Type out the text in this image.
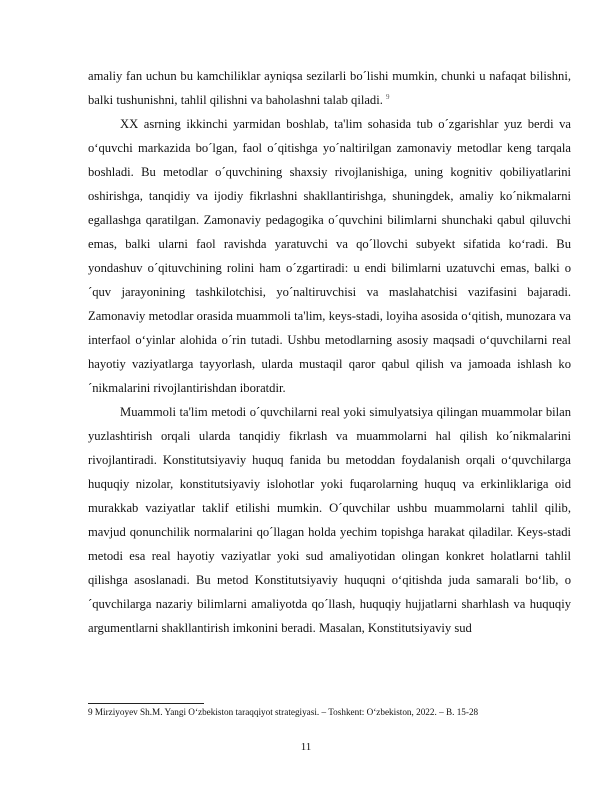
amaliy fan uchun bu kamchiliklar ayniqsa sezilarli bo´lishi mumkin, chunki u nafaqat bilishni, balki tushunishni, tahlil qilishni va baholashni talab qiladi. $^9$

XX asrning ikkinchi yarmidan boshlab, ta'lim sohasida tub o´zgarishlar yuz berdi va o‘quvchi markazida bo´lgan, faol o´qitishga yo´naltirilgan zamonaviy metodlar keng tarqala boshladi. Bu metodlar o´quvchining shaxsiy rivojlanishiga, uning kognitiv qobiliyatlarini oshirishga, tanqidiy va ijodiy fikrlashni shakllantirishga, shuningdek, amaliy ko´nikmalarni egallashga qaratilgan. Zamonaviy pedagogika o´quvchini bilimlarni shunchaki qabul qiluvchi emas, balki ularni faol ravishda yaratuvchi va qo´llovchi subyekt sifatida ko‘radi. Bu yondashuv o´qituvchining rolini ham o´zgartiradi: u endi bilimlarni uzatuvchi emas, balki o´quv jarayonining tashkilotchisi, yo´naltiruvchisi va maslahatchisi vazifasini bajaradi. Zamonaviy metodlar orasida muammoli ta'lim, keys-stadi, loyiha asosida o‘qitish, munozara va interfaol o‘yinlar alohida o´rin tutadi. Ushbu metodlarning asosiy maqsadi o‘quvchilarni real hayotiy vaziyatlarga tayyorlash, ularda mustaqil qaror qabul qilish va jamoada ishlash ko´nikmalarini rivojlantirishdan iboratdir.

Muammoli ta'lim metodi o´quvchilarni real yoki simulyatsiya qilingan muammolar bilan yuzlashtirish orqali ularda tanqidiy fikrlash va muammolarni hal qilish ko´nikmalarini rivojlantiradi. Konstitutsiyaviy huquq fanida bu metoddan foydalanish orqali o‘quvchilarga huquqiy nizolar, konstitutsiyaviy islohotlar yoki fuqarolarning huquq va erkinliklariga oid murakkab vaziyatlar taklif etilishi mumkin. O´quvchilar ushbu muammolarni tahlil qilib, mavjud qonunchilik normalarini qo´llagan holda yechim topishga harakat qiladilar. Keys-stadi metodi esa real hayotiy vaziyatlar yoki sud amaliyotidan olingan konkret holatlarni tahlil qilishga asoslanadi. Bu metod Konstitutsiyaviy huquqni o‘qitishda juda samarali bo‘lib, o´quvchilarga nazariy bilimlarni amaliyotda qo´llash, huquqiy hujjatlarni sharhlash va huquqiy argumentlarni shakllantirish imkonini beradi. Masalan, Konstitutsiyaviy sud

9 Mirziyoyev Sh.M. Yangi O‘zbekiston taraqqiyot strategiyasi. – Toshkent: O‘zbekiston, 2022. – B. 15-28
11
